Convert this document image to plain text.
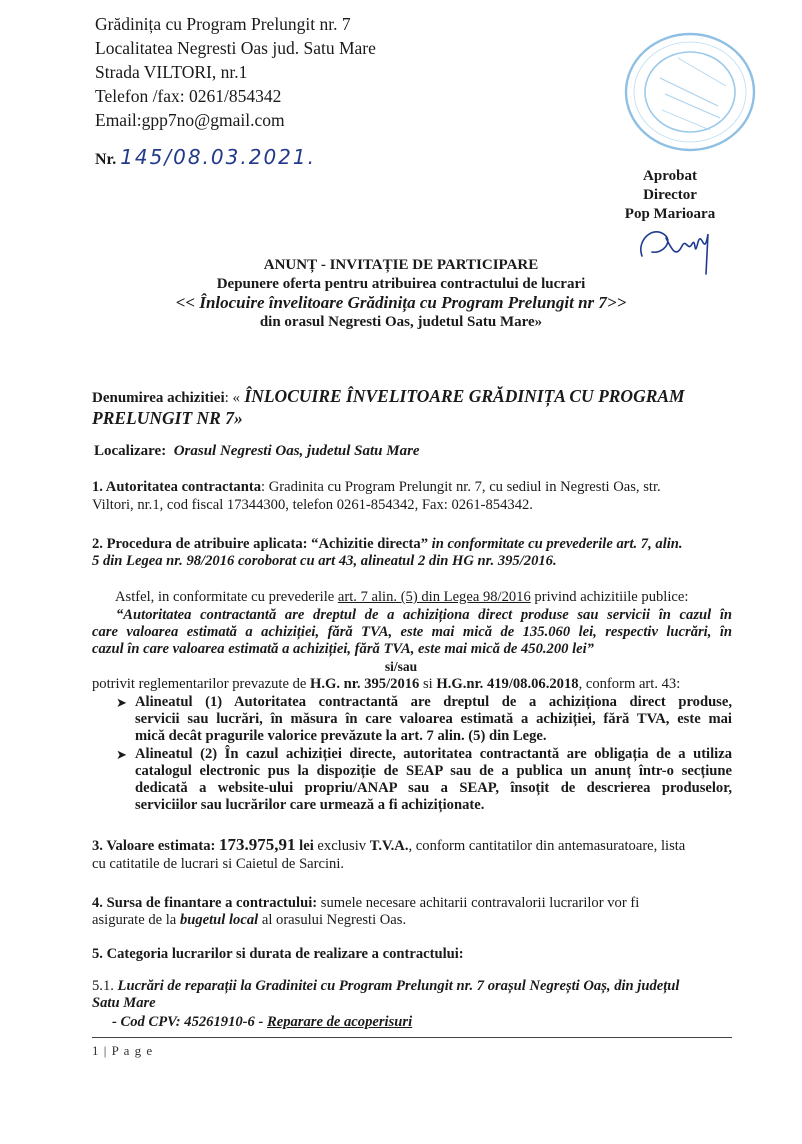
Grădinița cu Program Prelungit nr. 7
Localitatea Negresti Oas jud. Satu Mare
Strada VILTORI, nr.1
Telefon /fax: 0261/854342
Email:gpp7no@gmail.com
Nr. 145/08.03.2021.
Aprobat
Director
Pop Marioara
ANUNȚ - INVITAȚIE DE PARTICIPARE
Depunere oferta pentru atribuirea contractului de lucrari
<< Înlocuire învelitoare Grădinița cu Program Prelungit nr 7>>
din orasul Negresti Oas, judetul Satu Mare»
Denumirea achizitiei: « ÎNLOCUIRE ÎNVELITOARE GRĂDINIȚA CU PROGRAM
PRELUNGIT NR 7»
Localizare: Orasul Negresti Oas, judetul Satu Mare
1. Autoritatea contractanta: Gradinita cu Program Prelungit nr. 7, cu sediul in Negresti Oas, str.
Viltori, nr.1, cod fiscal 17344300, telefon 0261-854342, Fax: 0261-854342.
2. Procedura de atribuire aplicata: “Achizitie directa” in conformitate cu prevederile art. 7, alin.
5 din Legea nr. 98/2016 coroborat cu art 43, alineatul 2 din HG nr. 395/2016.
Astfel, in conformitate cu prevederile art. 7 alin. (5) din Legea 98/2016 privind achizitiile publice:
“Autoritatea contractantă are dreptul de a achiziționa direct produse sau servicii în cazul în
care valoarea estimată a achiziției, fără TVA, este mai mică de 135.060 lei, respectiv lucrări, în
cazul în care valoarea estimată a achiziției, fără TVA, este mai mică de 450.200 lei”
si/sau
potrivit reglementarilor prevazute de H.G. nr. 395/2016 si H.G.nr. 419/08.06.2018, conform art. 43:
➤ Alineatul (1) Autoritatea contractantă are dreptul de a achiziționa direct produse,
servicii sau lucrări, în măsura în care valoarea estimată a achiziției, fără TVA, este mai
mică decât pragurile valorice prevăzute la art. 7 alin. (5) din Lege.
➤ Alineatul (2) În cazul achiziției directe, autoritatea contractantă are obligația de a utiliza
catalogul electronic pus la dispoziție de SEAP sau de a publica un anunț într-o secțiune
dedicată a website-ului propriu/ANAP sau a SEAP, însoțit de descrierea produselor,
serviciilor sau lucrărilor care urmează a fi achiziționate.
3. Valoare estimata: 173.975,91 lei exclusiv T.V.A., conform cantitatilor din antemasuratoare, lista
cu catitatile de lucrari si Caietul de Sarcini.
4. Sursa de finantare a contractului: sumele necesare achitarii contravalorii lucrarilor vor fi
asigurate de la bugetul local al orasului Negresti Oas.
5. Categoria lucrarilor si durata de realizare a contractului:
5.1. Lucrări de reparații la Gradinitei cu Program Prelungit nr. 7 orașul Negrești Oaș, din județul
Satu Mare
- Cod CPV: 45261910-6 - Reparare de acoperisuri
1 | P a g e
